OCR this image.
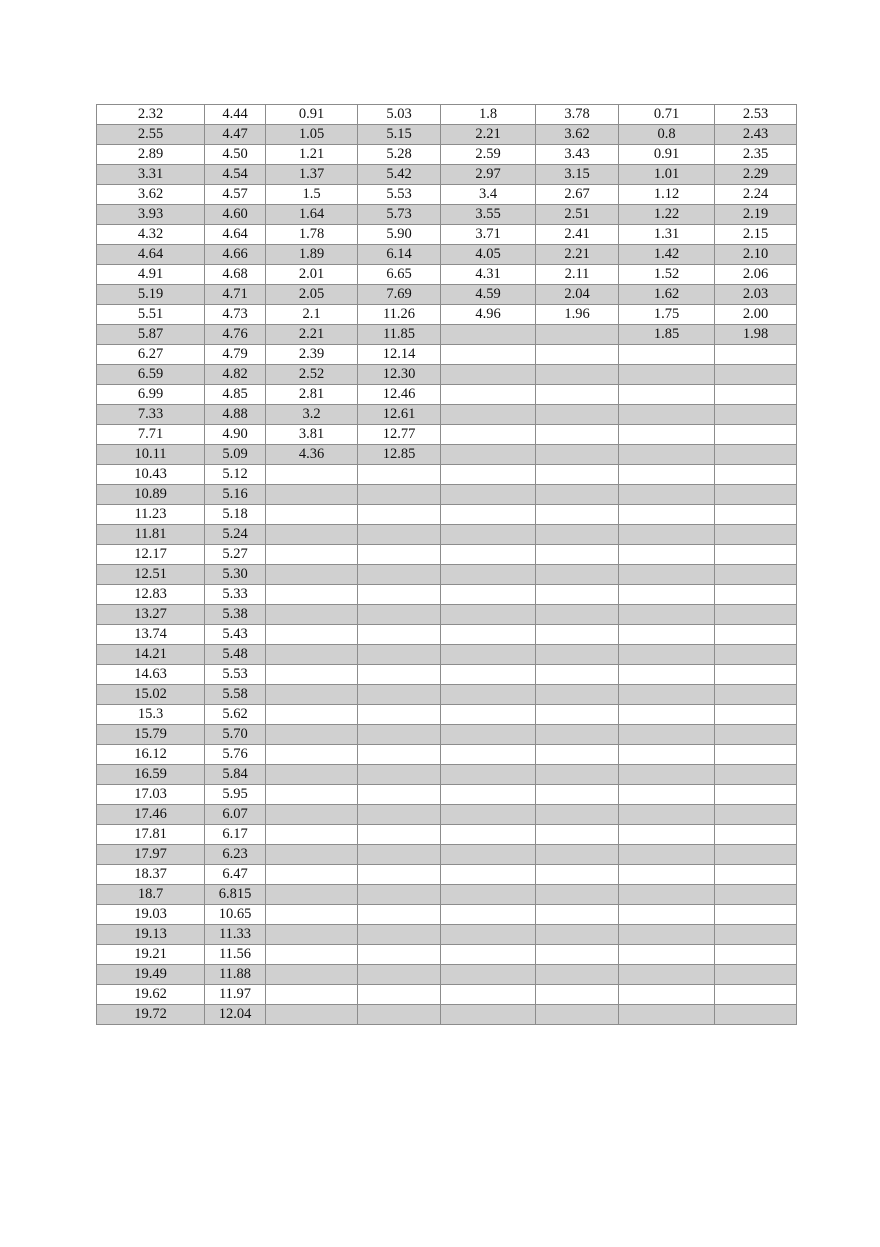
2.32	4.44	0.91	5.03	1.8	3.78	0.71	2.53
2.55	4.47	1.05	5.15	2.21	3.62	0.8	2.43
2.89	4.50	1.21	5.28	2.59	3.43	0.91	2.35
3.31	4.54	1.37	5.42	2.97	3.15	1.01	2.29
3.62	4.57	1.5	5.53	3.4	2.67	1.12	2.24
3.93	4.60	1.64	5.73	3.55	2.51	1.22	2.19
4.32	4.64	1.78	5.90	3.71	2.41	1.31	2.15
4.64	4.66	1.89	6.14	4.05	2.21	1.42	2.10
4.91	4.68	2.01	6.65	4.31	2.11	1.52	2.06
5.19	4.71	2.05	7.69	4.59	2.04	1.62	2.03
5.51	4.73	2.1	11.26	4.96	1.96	1.75	2.00
5.87	4.76	2.21	11.85			1.85	1.98
6.27	4.79	2.39	12.14				
6.59	4.82	2.52	12.30				
6.99	4.85	2.81	12.46				
7.33	4.88	3.2	12.61				
7.71	4.90	3.81	12.77				
10.11	5.09	4.36	12.85				
10.43	5.12						
10.89	5.16						
11.23	5.18						
11.81	5.24						
12.17	5.27						
12.51	5.30						
12.83	5.33						
13.27	5.38						
13.74	5.43						
14.21	5.48						
14.63	5.53						
15.02	5.58						
15.3	5.62						
15.79	5.70						
16.12	5.76						
16.59	5.84						
17.03	5.95						
17.46	6.07						
17.81	6.17						
17.97	6.23						
18.37	6.47						
18.7	6.815						
19.03	10.65						
19.13	11.33						
19.21	11.56						
19.49	11.88						
19.62	11.97						
19.72	12.04						
